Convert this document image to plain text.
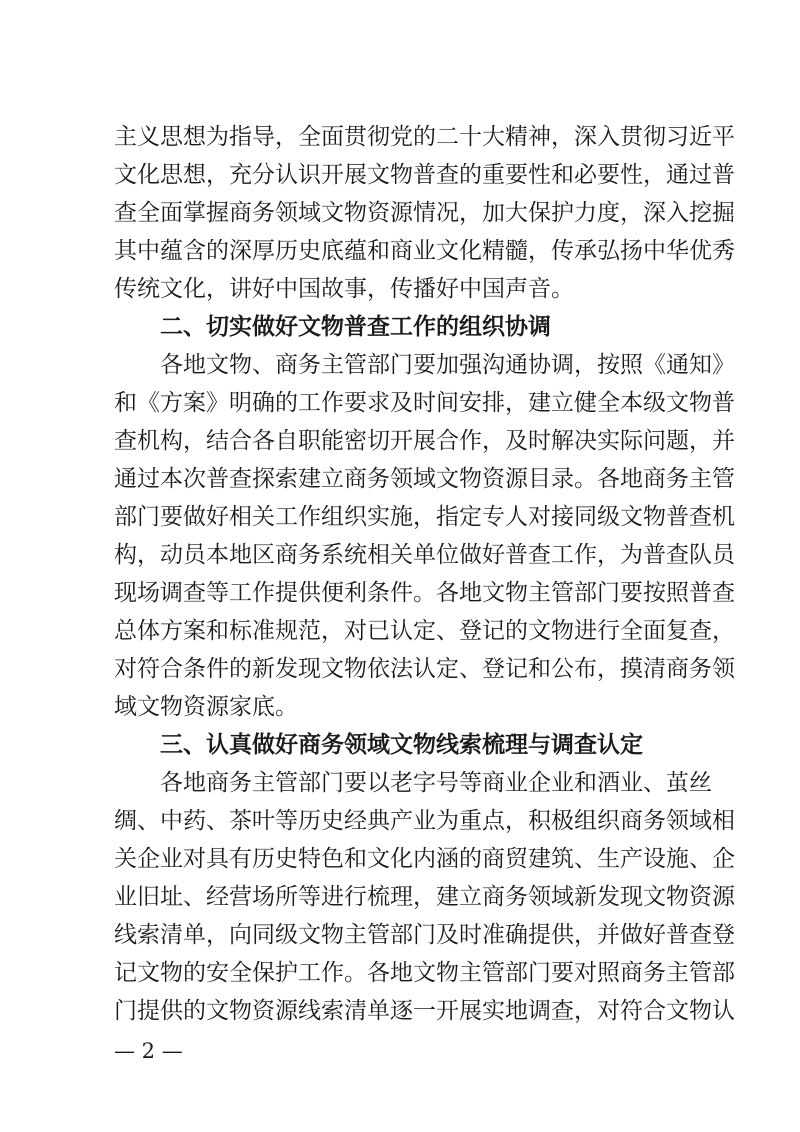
主义思想为指导，全面贯彻党的二十大精神，深入贯彻习近平
文化思想，充分认识开展文物普查的重要性和必要性，通过普
查全面掌握商务领域文物资源情况，加大保护力度，深入挖掘
其中蕴含的深厚历史底蕴和商业文化精髓，传承弘扬中华优秀
传统文化，讲好中国故事，传播好中国声音。
二、切实做好文物普查工作的组织协调
各地文物、商务主管部门要加强沟通协调，按照《通知》
和《方案》明确的工作要求及时间安排，建立健全本级文物普
查机构，结合各自职能密切开展合作，及时解决实际问题，并
通过本次普查探索建立商务领域文物资源目录。各地商务主管
部门要做好相关工作组织实施，指定专人对接同级文物普查机
构，动员本地区商务系统相关单位做好普查工作，为普查队员
现场调查等工作提供便利条件。各地文物主管部门要按照普查
总体方案和标准规范，对已认定、登记的文物进行全面复查，
对符合条件的新发现文物依法认定、登记和公布，摸清商务领
域文物资源家底。
三、认真做好商务领域文物线索梳理与调查认定
各地商务主管部门要以老字号等商业企业和酒业、茧丝
绸、中药、茶叶等历史经典产业为重点，积极组织商务领域相
关企业对具有历史特色和文化内涵的商贸建筑、生产设施、企
业旧址、经营场所等进行梳理，建立商务领域新发现文物资源
线索清单，向同级文物主管部门及时准确提供，并做好普查登
记文物的安全保护工作。各地文物主管部门要对照商务主管部
门提供的文物资源线索清单逐一开展实地调查，对符合文物认
— 2 —
